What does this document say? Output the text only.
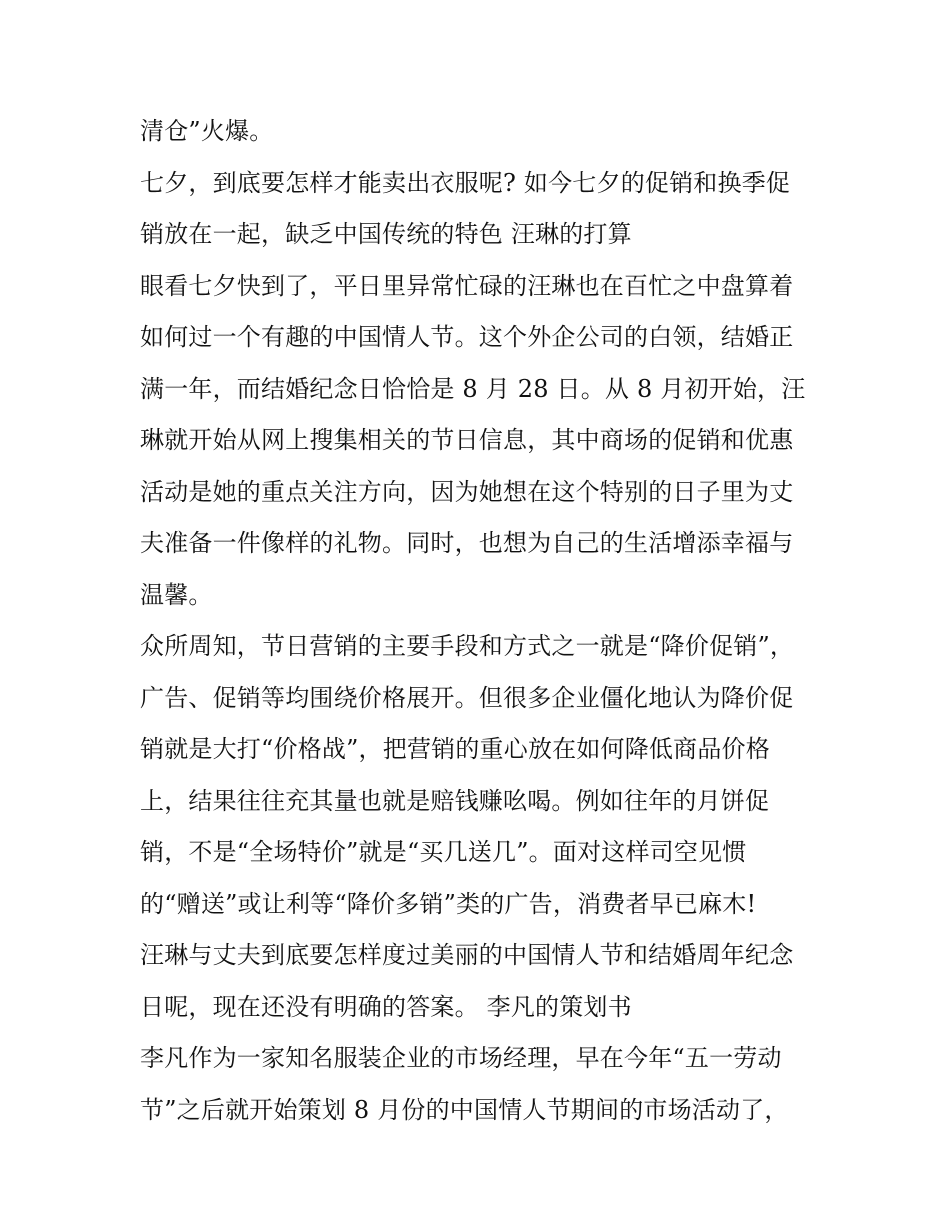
清仓”火爆。
七夕，到底要怎样才能卖出衣服呢? 如今七夕的促销和换季促
销放在一起，缺乏中国传统的特色 汪琳的打算
眼看七夕快到了，平日里异常忙碌的汪琳也在百忙之中盘算着
如何过一个有趣的中国情人节。这个外企公司的白领，结婚正
满一年，而结婚纪念日恰恰是 8 月 28 日。从 8 月初开始，汪
琳就开始从网上搜集相关的节日信息，其中商场的促销和优惠
活动是她的重点关注方向，因为她想在这个特别的日子里为丈
夫准备一件像样的礼物。同时，也想为自己的生活增添幸福与
温馨。
众所周知，节日营销的主要手段和方式之一就是“降价促销”，
广告、促销等均围绕价格展开。但很多企业僵化地认为降价促
销就是大打“价格战”，把营销的重心放在如何降低商品价格
上，结果往往充其量也就是赔钱赚吆喝。例如往年的月饼促
销，不是“全场特价”就是“买几送几”。面对这样司空见惯
的“赠送”或让利等“降价多销”类的广告，消费者早已麻木!
汪琳与丈夫到底要怎样度过美丽的中国情人节和结婚周年纪念
日呢，现在还没有明确的答案。 李凡的策划书
李凡作为一家知名服装企业的市场经理，早在今年“五一劳动
节”之后就开始策划 8 月份的中国情人节期间的市场活动了，
